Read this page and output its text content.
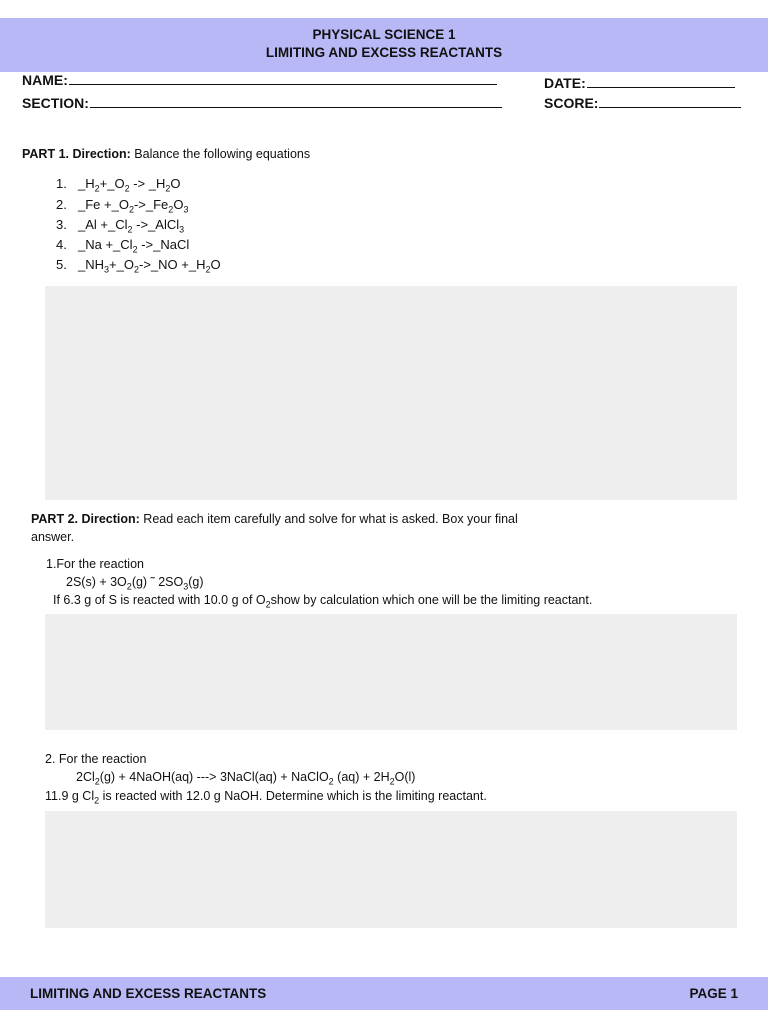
PHYSICAL SCIENCE 1
LIMITING AND EXCESS REACTANTS
NAME:	DATE:
SECTION:	SCORE:
PART 1. Direction: Balance the following equations
1. $\_H_2+\_O_2$ -> $\_H_2O$
2. _Fe $+\_O_2->\_Fe_2O_3$
3. _Al $+\_Cl_2$ ->_AlCl$_3$
4. _Na $+\_Cl_2$ ->_NaCl
5. $\_NH_3+\_O_2->\_NO$ $+\_H_2O$
PART 2. Direction: Read each item carefully and solve for what is asked. Box your final
answer.
1.For the reaction
$2S(s) + 3O_2(g)$ ˜ $2SO_3(g)$
If 6.3 g of S is reacted with 10.0 g of $O_2show$ by calculation which one will be the limiting reactant.
2. For the reaction
$2Cl_2(g)$ + 4NaOH(aq) ---> 3NaCl(aq) + NaClO$_2$ $(aq) + 2H_2O(l)$
11.9 g $Cl_2$ is reacted with 12.0 g NaOH. Determine which is the limiting reactant.
LIMITING AND EXCESS REACTANTS	PAGE 1
